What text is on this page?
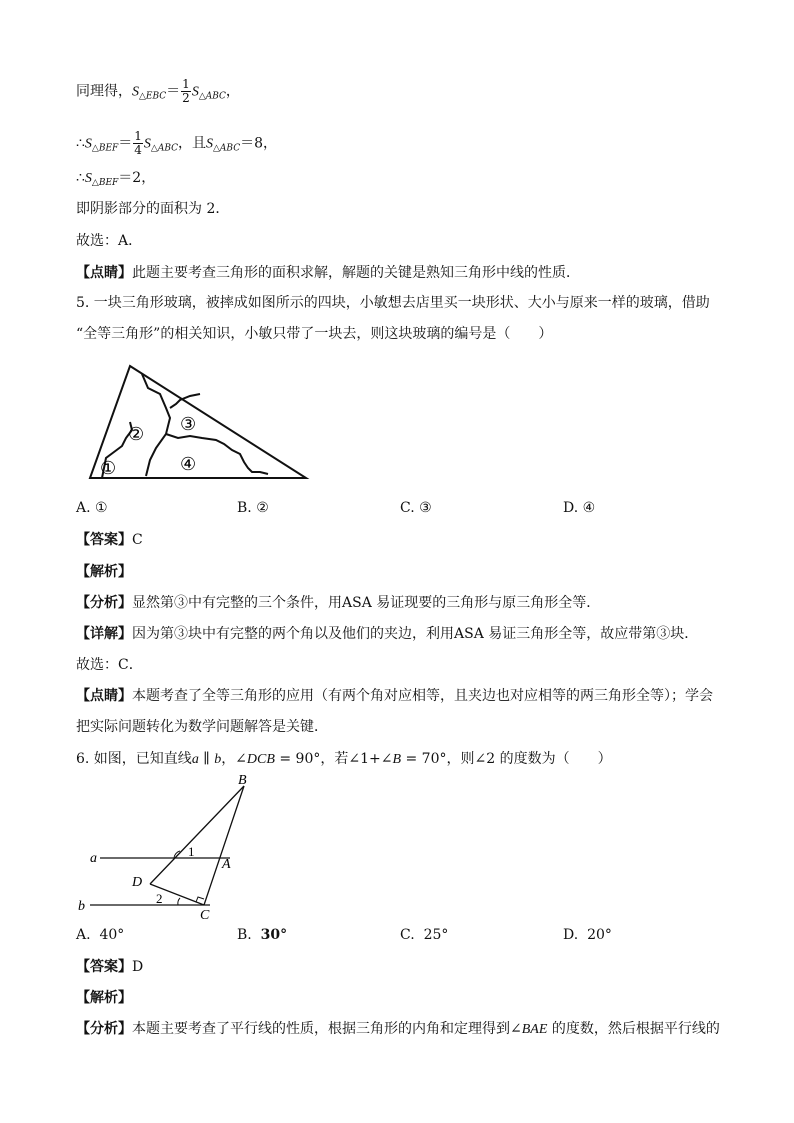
同理得，$S_{\triangle EBC}= \frac{1}{2} S_{\triangle ABC}$，
$\therefore S_{\triangle BEF}= \frac{1}{4} S_{\triangle ABC}$，且$S_{\triangle ABC}=8$，
$\therefore S_{\triangle BEF}=2$，
即阴影部分的面积为 2．
故选：A．
【点睛】此题主要考查三角形的面积求解，解题的关键是熟知三角形中线的性质．
5. 一块三角形玻璃，被摔成如图所示的四块，小敏想去店里买一块形状、大小与原来一样的玻璃，借助
“全等三角形”的相关知识，小敏只带了一块去，则这块玻璃的编号是（　　）
①
② ③
④
A. ①	B. ②	C. ③	D. ④
【答案】C
【解析】
【分析】显然第③中有完整的三个条件，用ASA 易证现要的三角形与原三角形全等．
【详解】因为第③块中有完整的两个角以及他们的夹边，利用ASA 易证三角形全等，故应带第③块．
故选：C．
【点睛】本题考查了全等三角形的应用（有两个角对应相等，且夹边也对应相等的两三角形全等）；学会
把实际问题转化为数学问题解答是关键．
6. 如图，已知直线a ∥ b，∠DCB = 90°，若∠1+∠B = 70°，则∠2 的度数为（　　）
B
a	1
A
D
2
b
C
A. 40°	B. 30°	C. 25°	D. 20°
【答案】D
【解析】
【分析】本题主要考查了平行线的性质，根据三角形的内角和定理得到∠BAE 的度数，然后根据平行线的
